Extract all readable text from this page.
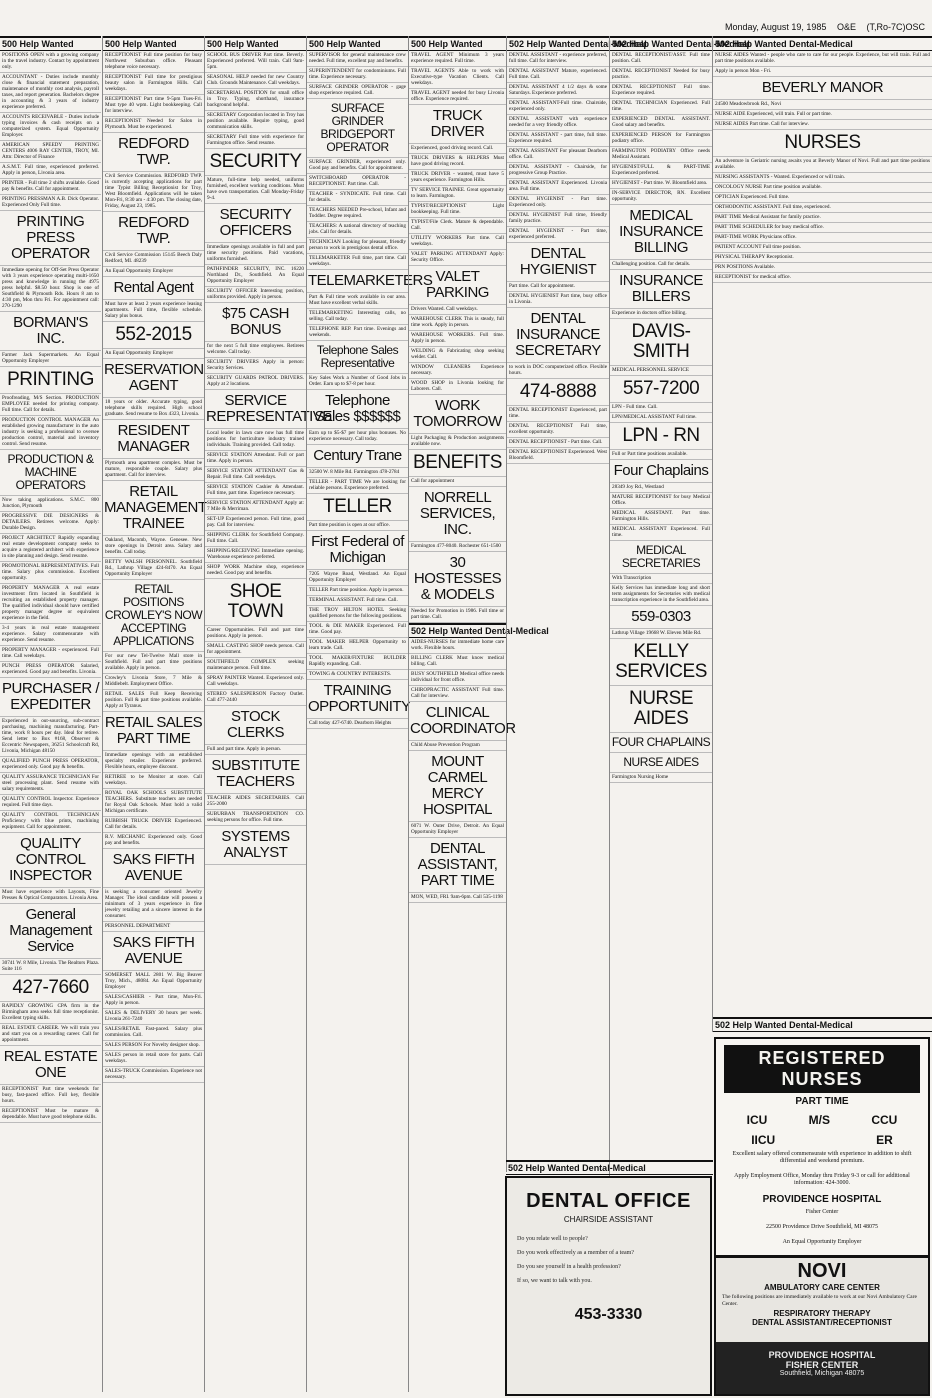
Monday, August 19, 1985 O&E (T,Ro-7C)OSC
500 Help Wanted
POSITIONS OPEN with a growing company in the travel industry. Contact by appointment only.
ACCOUNTANT - Duties include monthly close & financial statement preparation, maintenance of monthly cost analysis, payroll taxes, and report generation. Bachelors degree in accounting & 3 years of industry experience preferred.
ACCOUNTS RECEIVABLE - Duties include typing invoices & cash receipts on a computerized system. Equal Opportunity Employer.
AMERICAN SPEEDY PRINTING CENTERS 4006 RAY CENTER, TROY, MI. Attn: Director of Finance
A.S.M.T. Full time, experienced preferred. Apply in person, Livonia area.
PRINTER - Full time 2 shifts available. Good pay & benefits. Call for appointment.
PRINTING PRESSMAN A.B. Dick Operator. Experienced Only Full time.
PRINTING PRESS OPERATOR
Immediate opening for Off-Set Press Operator with 3 years experience operating multi-1650 press and knowledge in running the 4975 press helpful. $8.50 hour. Shop is one of Southfield & Plymouth Rds. Hours 8 am to 4:30 pm, Mon thru Fri. For appointment call: 270-1290
BORMAN'S INC.
Farmer Jack Supermarkets. An Equal Opportunity Employer
PRINTING
Proofreading, M/S Section. PRODUCTION EMPLOYEE needed for printing company. Full time. Call for details.
PRODUCTION CONTROL MANAGER An established growing manufacturer in the auto industry is seeking a professional to oversee production control, material and inventory control. Send resume.
PRODUCTION & MACHINE OPERATORS
Now taking applications. S.M.C. 800 Junction, Plymouth
PROGRESSIVE DIE DESIGNERS & DETAILERS. Retirees welcome. Apply: Durable Design.
PROJECT ARCHITECT Rapidly expanding real estate development company seeks to acquire a registered architect with experience in site planning and design. Send resume.
PROMOTIONAL REPRESENTATIVES. Full time. Salary plus commission. Excellent opportunity.
PROPERTY MANAGER A real estate investment firm located in Southfield is recruiting an established property manager. The qualified individual should have certified property manager degree or equivalent experience in the field.
3-4 years in real estate management experience. Salary commensurate with experience. Send resume.
PROPERTY MANAGER - experienced. Full time. Call weekdays.
PUNCH PRESS OPERATOR Salaried, experienced. Good pay and benefits. Livonia.
PURCHASER / EXPEDITER
Experienced in out-sourcing, sub-contract purchasing, machining manufacturing. Part-time, work 8 hours per day. Ideal for retiree. Send letter to Box #168, Observer & Eccentric Newspapers, 36251 Schoolcraft Rd, Livonia, Michigan 48150
QUALIFIED PUNCH PRESS OPERATOR, experienced only. Good pay & benefits.
QUALITY ASSURANCE TECHNICIAN For steel processing plant. Send resume with salary requirements.
QUALITY CONTROL Inspector. Experience required. Full time days.
QUALITY CONTROL TECHNICIAN Proficiency with blue prints, machining equipment. Call for appointment.
QUALITY CONTROL INSPECTOR
Must have experience with Layouts, Fine Presses & Optical Comparators. Livonia Area.
General Management Service
30741 W. 8 Mile, Livonia. The Realtors Plaza. Suite 116
427-7660
RAPIDLY GROWING CPA firm in the Birmingham area seeks full time receptionist. Excellent typing skills.
REAL ESTATE CAREER. We will train you and start you on a rewarding career. Call for appointment.
REAL ESTATE ONE
RECEPTIONIST Part time weekends for busy, fast-paced office. Full key, flexible hours.
RECEPTIONIST Must be mature & dependable. Must have good telephone skills.
500 Help Wanted
RECEPTIONIST Full time position for busy Northwest Suburban office. Pleasant telephone voice necessary.
RECEPTIONIST Full time for prestigious beauty salon in Farmington Hills. Call weekdays.
RECEPTIONIST Part time 9-5pm Tues-Fri. Must type 40 wpm. Light bookkeeping. Call for interview.
RECEPTIONIST Needed for Salon in Plymouth. Must be experienced.
REDFORD TWP.
Civil Service Commission. REDFORD TWP. is currently accepting applications for part time Typist Billing Receptionist for Troy, West Bloomfield. Applications will be taken Mon-Fri, 8:30 am - 4:30 pm. The closing date, Friday, August 23, 1985.
REDFORD TWP.
Civil Service Commission 15145 Beech Daly Redford, MI. 48239
An Equal Opportunity Employer
Rental Agent
Must have at least 2 years experience leasing apartments. Full time, flexible schedule. Salary plus bonus.
552-2015
An Equal Opportunity Employer
RESERVATION AGENT
18 years or older. Accurate typing, good telephone skills required. High school graduate. Send resume to Box 4323, Livonia.
RESIDENT MANAGER
Plymouth area apartment complex. Must be mature, responsible couple. Salary plus apartment. Call for interview.
RETAIL MANAGEMENT TRAINEE
Oakland, Macomb, Wayne. Genesee. New store openings in Detroit area. Salary and benefits. Call today.
BETTY WALSH PERSONNEL. Southfield Rd., Lathrup Village 424-8470. An Equal Opportunity Employer
RETAIL POSITIONS CROWLEY'S NOW ACCEPTING APPLICATIONS
For our new Tel-Twelve Mall store in Southfield. Full and part time positions available. Apply in person.
Crowley's Livonia Store, 7 Mile & Middlebelt. Employment Office.
RETAIL SALES Full Keep Receiving position. Full & part time positions available. Apply at Tyranus.
RETAIL SALES PART TIME
Immediate openings with an established specialty retailer. Experience preferred. Flexible hours, employee discount.
RETIREE to be Monitor at store. Call weekdays.
ROYAL OAK SCHOOLS SUBSTITUTE TEACHERS. Substitute teachers are needed for Royal Oak Schools. Must hold a valid Michigan certificate.
RUBBISH TRUCK DRIVER Experienced. Call for details.
R.V. MECHANIC Experienced only. Good pay and benefits.
SAKS FIFTH AVENUE
is seeking a consumer oriented Jewelry Manager. The ideal candidate will possess a minimum of 3 years experience in fine jewelry retailing and a sincere interest in the consumer.
PERSONNEL DEPARTMENT
SAKS FIFTH AVENUE
SOMERSET MALL 2801 W. Big Beaver Troy, Mich., 48084. An Equal Opportunity Employer
SALES/CASHIER - Part time, Mon-Fri. Apply in person.
SALES & DELIVERY 30 hours per week. Livonia 261-7240
SALES/RETAIL Fast-paced. Salary plus commission. Call.
SALES PERSON For Novelty designer shop.
SALES person in retail store for parts. Call weekdays.
SALES-TRUCK Commission. Experience not necessary.
500 Help Wanted
SCHOOL BUS DRIVER Part time. Beverly. Experienced preferred. Will train. Call 9am-5pm.
SEASONAL HELP needed for new Country Club. Grounds Maintenance. Call weekdays.
SECRETARIAL POSITION for small office in Troy. Typing, shorthand, insurance background helpful.
SECRETARY Corporation located in Troy has position available. Require typing, good communication skills.
SECRETARY Full time with experience for Farmington office. Send resume.
SECURITY
Mature, full-time help needed, uniforms furnished, excellent working conditions. Must have own transportation. Call Monday-Friday 9-4.
SECURITY OFFICERS
Immediate openings available in full and part time security positions. Paid vacations, uniforms furnished.
PATHFINDER SECURITY, INC. 16220 Northland Dr., Southfield. An Equal Opportunity Employer
SECURITY OFFICER Interesting position, uniforms provided. Apply in person.
$75 CASH BONUS
for the next 5 full time employees. Retirees welcome. Call today.
SECURITY DRIVERS Apply in person: Security Services.
SECURITY GUARDS PATROL DRIVERS. Apply at 2 locations.
SERVICE REPRESENTATIVE
Local leader in lawn care now has full time positions for horticulture industry trained individuals. Training provided. Call today.
SERVICE STATION Attendant. Full or part time. Apply in person.
SERVICE STATION ATTENDANT Gas & Repair. Full time. Call weekdays.
SERVICE STATION Cashier & Attendant. Full time, part time. Experience necessary.
SERVICE STATION ATTENDANT Apply at: 7 Mile & Merriman.
SET-UP Experienced person. Full time, good pay. Call for interview.
SHIPPING CLERK for Southfield Company. Full time. Call.
SHIPPING/RECEIVING Immediate opening. Warehouse experience preferred.
SHOP WORK Machine shop, experience needed. Good pay and benefits.
SHOE TOWN
Career Opportunities. Full and part time positions. Apply in person.
SMALL CASTING SHOP needs person. Call for appointment.
SOUTHFIELD COMPLEX seeking maintenance person. Full time.
SPRAY PAINTER Wanted. Experienced only. Call weekdays.
STEREO SALESPERSON Factory Outlet. Call 477-2440
STOCK CLERKS
Full and part time. Apply in person.
SUBSTITUTE TEACHERS
TEACHER AIDES SECRETARIES. Call 255-2000
SUBURBAN TRANSPORTATION CO. seeking persons for office. Full time.
SYSTEMS ANALYST
500 Help Wanted
SUPERVISOR for general maintenance crew needed. Full time, excellent pay and benefits.
SUPERINTENDENT for condominiums. Full time. Experience necessary.
SURFACE GRINDER OPERATOR - gage shop experience required. Call.
SURFACE GRINDER BRIDGEPORT OPERATOR
SURFACE GRINDER, experienced only. Good pay and benefits. Call for appointment.
SWITCHBOARD OPERATOR - RECEPTIONIST. Part time. Call.
TEACHER - SYNDICATE. Full time. Call for details.
TEACHERS NEEDED Pre-school, Infant and Toddler. Degree required.
TEACHERS: A national directory of teaching jobs. Call for details.
TECHNICIAN Looking for pleasant, friendly person to work in prestigious dental office.
TELEMARKETER Full time, part time. Call weekdays.
TELEMARKETERS
Part & Full time work available in our area. Must have excellent verbal skills.
TELEMARKETING Interesting calls, no selling. Call today.
TELEPHONE REP. Part time. Evenings and weekends.
Telephone Sales Representative
Key Sales Work a Number of Good Jobs in Order. Earn up to $7-8 per hour.
Telephone Sales $$$$$$
Earn up to $5-$7 per hour plus bonuses. No experience necessary. Call today.
Century Trane
32500 W. 8 Mile Rd. Farmington 478-2784
TELLER - PART TIME We are looking for reliable persons. Experience preferred.
TELLER
Part time position is open at our office.
First Federal of Michigan
7205 Wayne Road, Westland. An Equal Opportunity Employer
TELLER Part time position. Apply in person.
TERMINAL ASSISTANT. Full time. Call.
THE TROY HILTON HOTEL Seeking qualified persons for the following positions.
TOOL & DIE MAKER Experienced. Full time. Good pay.
TOOL MAKER HELPER Opportunity to learn trade. Call.
TOOL MAKER/FIXTURE BUILDER Rapidly expanding. Call.
TOWING & COUNTRY INTERESTS.
TRAINING OPPORTUNITY
Call today 427-6740. Dearborn Heights
500 Help Wanted
TRAVEL AGENT Minimum 3 years experience required. Full time.
TRAVEL AGENTS Able to work with Executive-type Vacation Clients. Call weekdays.
TRAVEL AGENT needed for busy Livonia office. Experience required.
TRUCK DRIVER
Experienced, good driving record. Call.
TRUCK DRIVERS & HELPERS Must have good driving record.
TRUCK DRIVER - wanted, must have 5 years experience. Farmington Hills.
TV SERVICE TRAINEE. Great opportunity to learn. Farmington.
TYPIST/RECEPTIONIST Light bookkeeping. Full time.
TYPIST/File Clerk. Mature & dependable. Call.
UTILITY WORKERS Part time. Call weekdays.
VALET PARKING ATTENDANT Apply: Security Office.
VALET PARKING
Drivers Wanted. Call weekdays.
WAREHOUSE CLERK This is steady, full time work. Apply in person.
WAREHOUSE WORKERS. Full time. Apply in person.
WELDING & Fabricating shop seeking welder. Call.
WINDOW CLEANERS Experience necessary.
WOOD SHOP in Livonia looking for Laborers. Call.
WORK TOMORROW
Light Packaging & Production assignments available now.
BENEFITS
Call for appointment
NORRELL SERVICES, INC.
Farmington 477-8040. Rochester 651-1500
30 HOSTESSES & MODELS
Needed for Promotion in 1986. Full time or part time. Call.
502 Help Wanted Dental-Medical
AIDES-NURSES for immediate home care work. Flexible hours.
BILLING CLERK Must know medical billing. Call.
BUSY SOUTHFIELD Medical office needs individual for front office.
CHIROPRACTIC ASSISTANT Full time. Call for interview.
CLINICAL COORDINATOR
Child Abuse Prevention Program
MOUNT CARMEL MERCY HOSPITAL
6071 W. Outer Drive, Detroit. An Equal Opportunity Employer
DENTAL ASSISTANT, PART TIME
MON, WED, FRI. 9am-6pm. Call 535-1198
502 Help Wanted Dental-Medical
DENTAL ASSISTANT - experience preferred, full time. Call for interview.
DENTAL ASSISTANT Mature, experienced. Full time. Call.
DENTAL ASSISTANT 4 1/2 days & some Saturdays. Experience preferred.
DENTAL ASSISTANT-Full time. Chairside, experienced only.
DENTAL ASSISTANT with experience needed for a very friendly office.
DENTAL ASSISTANT - part time, full time. Experience required.
DENTAL ASSISTANT For pleasant Dearborn office. Call.
DENTAL ASSISTANT - Chairside, for progressive Group Practice.
DENTAL ASSISTANT Experienced. Livonia area. Full time.
DENTAL HYGIENIST - Part time. Experienced only.
DENTAL HYGIENIST Full time, friendly family practice.
DENTAL HYGIENIST - Part time, experienced preferred.
DENTAL HYGIENIST
Part time. Call for appointment.
DENTAL HYGIENIST Part time, busy office in Livonia.
DENTAL INSURANCE SECRETARY
to work in DOC computerized office. Flexible hours.
474-8888
DENTAL RECEPTIONIST Experienced, part time.
DENTAL RECEPTIONIST Full time, excellent opportunity.
DENTAL RECEPTIONIST - Part time. Call.
DENTAL RECEPTIONIST Experienced. West Bloomfield.
502 Help Wanted Dental-Medical
DENTAL RECEPTIONIST/ASST. Full time position. Call.
DENTAL RECEPTIONIST Needed for busy practice.
DENTAL RECEPTIONIST Full time. Experience required.
DENTAL TECHNICIAN Experienced. Full time.
EXPERIENCED DENTAL ASSISTANT. Good salary and benefits.
EXPERIENCED PERSON for Farmington podiatry office.
FARMINGTON PODIATRY Office needs Medical Assistant.
HYGIENIST/FULL & PART-TIME Experienced preferred.
HYGIENIST - Part time. W. Bloomfield area.
IN-SERVICE DIRECTOR, RN. Excellent opportunity.
MEDICAL INSURANCE BILLING
Challenging position. Call for details.
INSURANCE BILLERS
Experience in doctors office billing.
DAVIS-SMITH
MEDICAL PERSONNEL SERVICE
557-7200
LPN - Full time. Call.
LPN/MEDICAL ASSISTANT Full time.
LPN - RN
Full or Part time positions available.
Four Chaplains
28349 Joy Rd., Westland
MATURE RECEPTIONIST for busy Medical Office.
MEDICAL ASSISTANT. Part time. Farmington Hills.
MEDICAL ASSISTANT Experienced. Full time.
MEDICAL SECRETARIES
With Transcription
Kelly Services has immediate long and short term assignments for Secretaries with medical transcription experience in the Southfield area.
559-0303
Lathrup Village 19668 W. Eleven Mile Rd.
KELLY SERVICES
NURSE AIDES
FOUR CHAPLAINS
NURSE AIDES
Farmington Nursing Home
502 Help Wanted Dental-Medical
NURSE AIDES Wanted - people who care to care for our people. Experience, but will train. Full and part time positions available.
Apply in person Mon - Fri.
BEVERLY MANOR
24500 Meadowbrook Rd., Novi
NURSE AIDE Experienced, will train. Full or part time.
NURSE AIDES Part time. Call for interview.
NURSES
An adventure in Geriatric nursing awaits you at Beverly Manor of Novi. Full and part time positions available.
NURSING ASSISTANTS - Wanted. Experienced or will train.
ONCOLOGY NURSE Part time position available.
OPTICIAN Experienced. Full time.
ORTHODONTIC ASSISTANT. Full time, experienced.
PART TIME Medical Assistant for family practice.
PART TIME SCHEDULER for busy medical office.
PART-TIME WORK Physicians office.
PATIENT ACCOUNT Full time position.
PHYSICAL THERAPY Receptionist.
PRN POSITIONS Available.
RECEPTIONIST for medical office.
502 Help Wanted Dental-Medical
DENTAL OFFICE
CHAIRSIDE ASSISTANT
Do you relate well to people?
Do you work effectively as a member of a team?
Do you see yourself in a health profession?
If so, we want to talk with you.
453-3330
REGISTERED NURSES
PART TIME
ICU	M/S	CCU
IICU	ER
Excellent salary offered commensurate with experience in addition to shift differential and weekend premium.
Apply Employment Office, Monday thru Friday 9-3 or call for additional information: 424-3000.
PROVIDENCE HOSPITAL
Fisher Center
22500 Providence Drive Southfield, MI 48075
An Equal Opportunity Employer
NOVI
AMBULATORY CARE CENTER
The following positions are immediately available to work at our Novi Ambulatory Care Center.
RESPIRATORY THERAPY
DENTAL ASSISTANT/RECEPTIONIST
PROVIDENCE HOSPITAL
FISHER CENTER
Southfield, Michigan 48075
502 Help Wanted Dental-Medical
